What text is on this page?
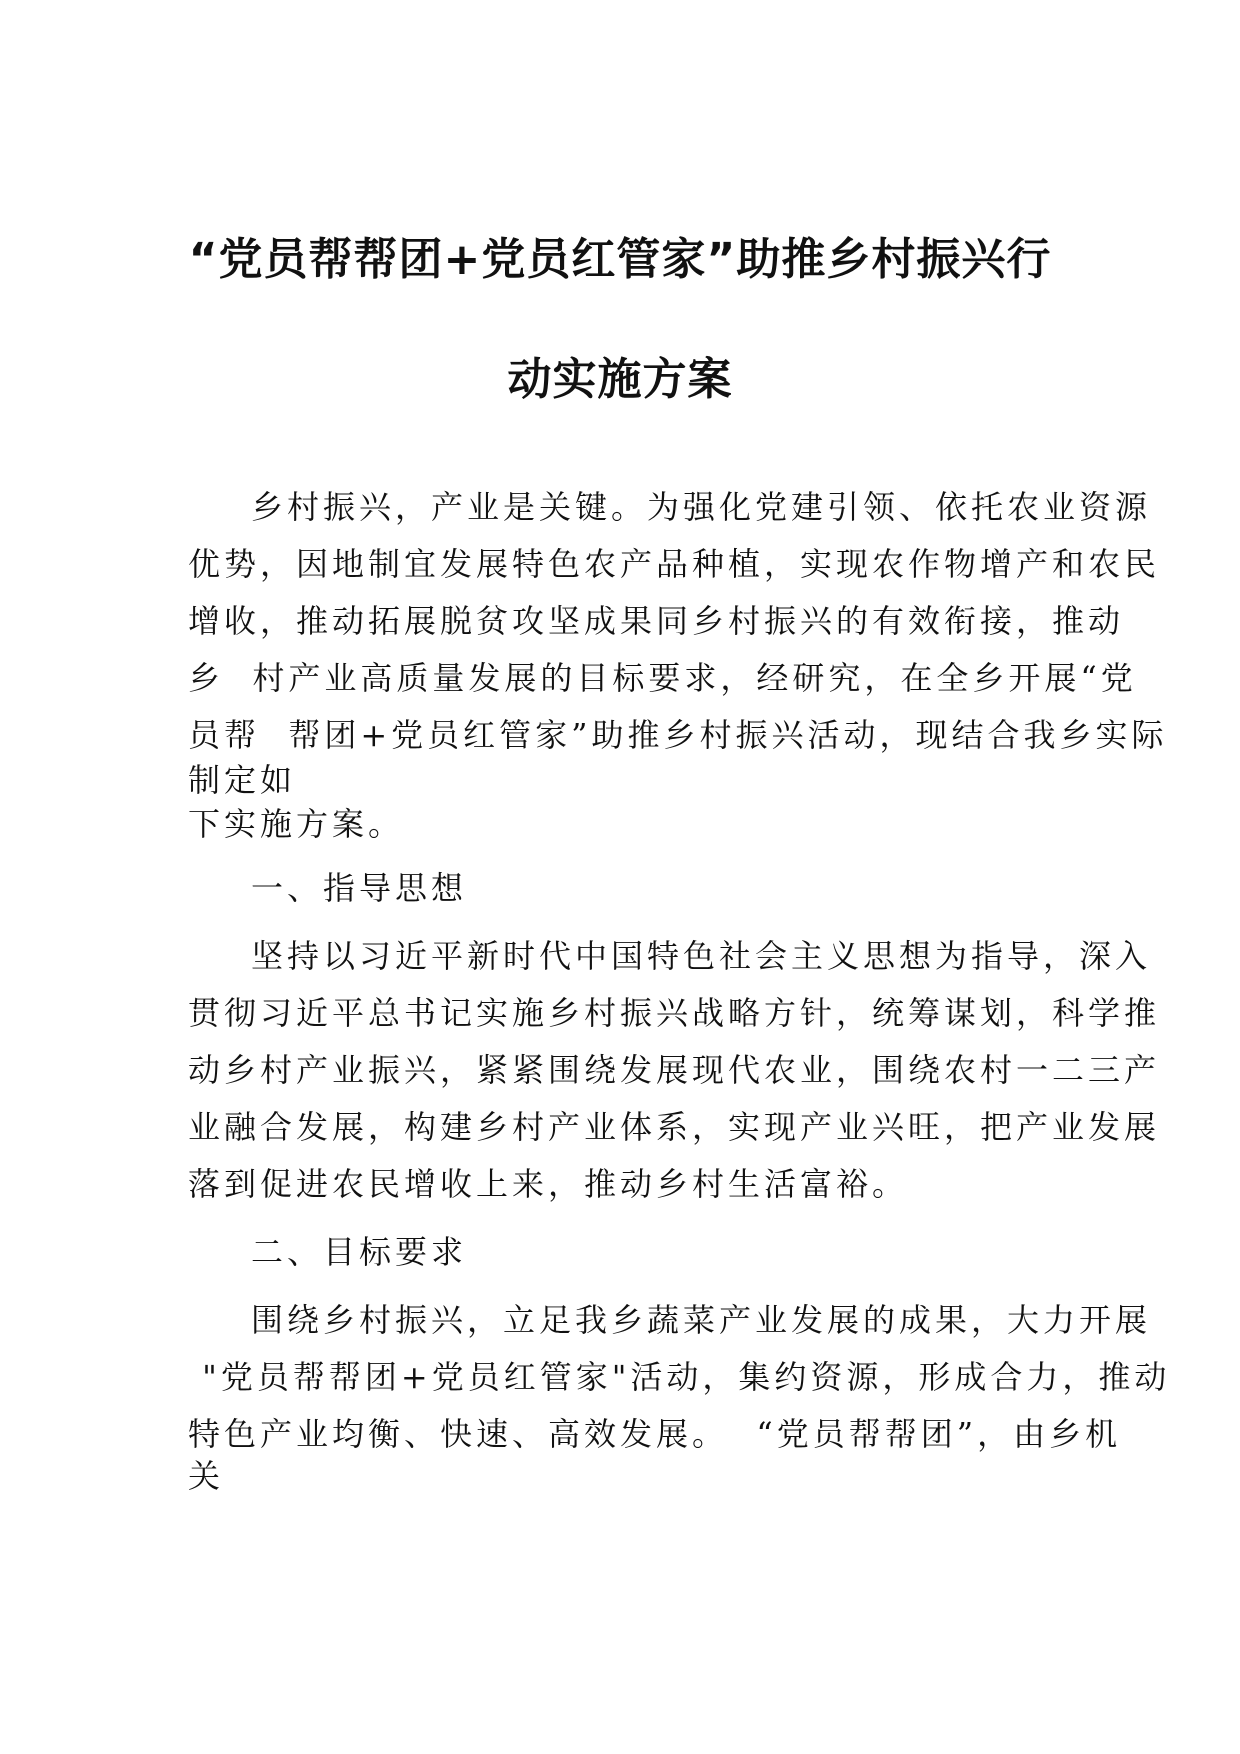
“党员帮帮团+党员红管家”助推乡村振兴行
动实施方案
乡村振兴，产业是关键。为强化党建引领、依托农业资源
优势，因地制宜发展特色农产品种植，实现农作物增产和农民
增收，推动拓展脱贫攻坚成果同乡村振兴的有效衔接，推动
乡  村产业高质量发展的目标要求，经研究，在全乡开展“党
员帮  帮团+党员红管家”助推乡村振兴活动，现结合我乡实际
制定如
下实施方案。
一、指导思想
坚持以习近平新时代中国特色社会主义思想为指导，深入
贯彻习近平总书记实施乡村振兴战略方针，统筹谋划，科学推
动乡村产业振兴，紧紧围绕发展现代农业，围绕农村一二三产
业融合发展，构建乡村产业体系，实现产业兴旺，把产业发展
落到促进农民增收上来，推动乡村生活富裕。
二、目标要求
围绕乡村振兴，立足我乡蔬菜产业发展的成果，大力开展
"党员帮帮团+党员红管家"活动，集约资源，形成合力，推动
特色产业均衡、快速、高效发展。  “党员帮帮团”，由乡机
关
